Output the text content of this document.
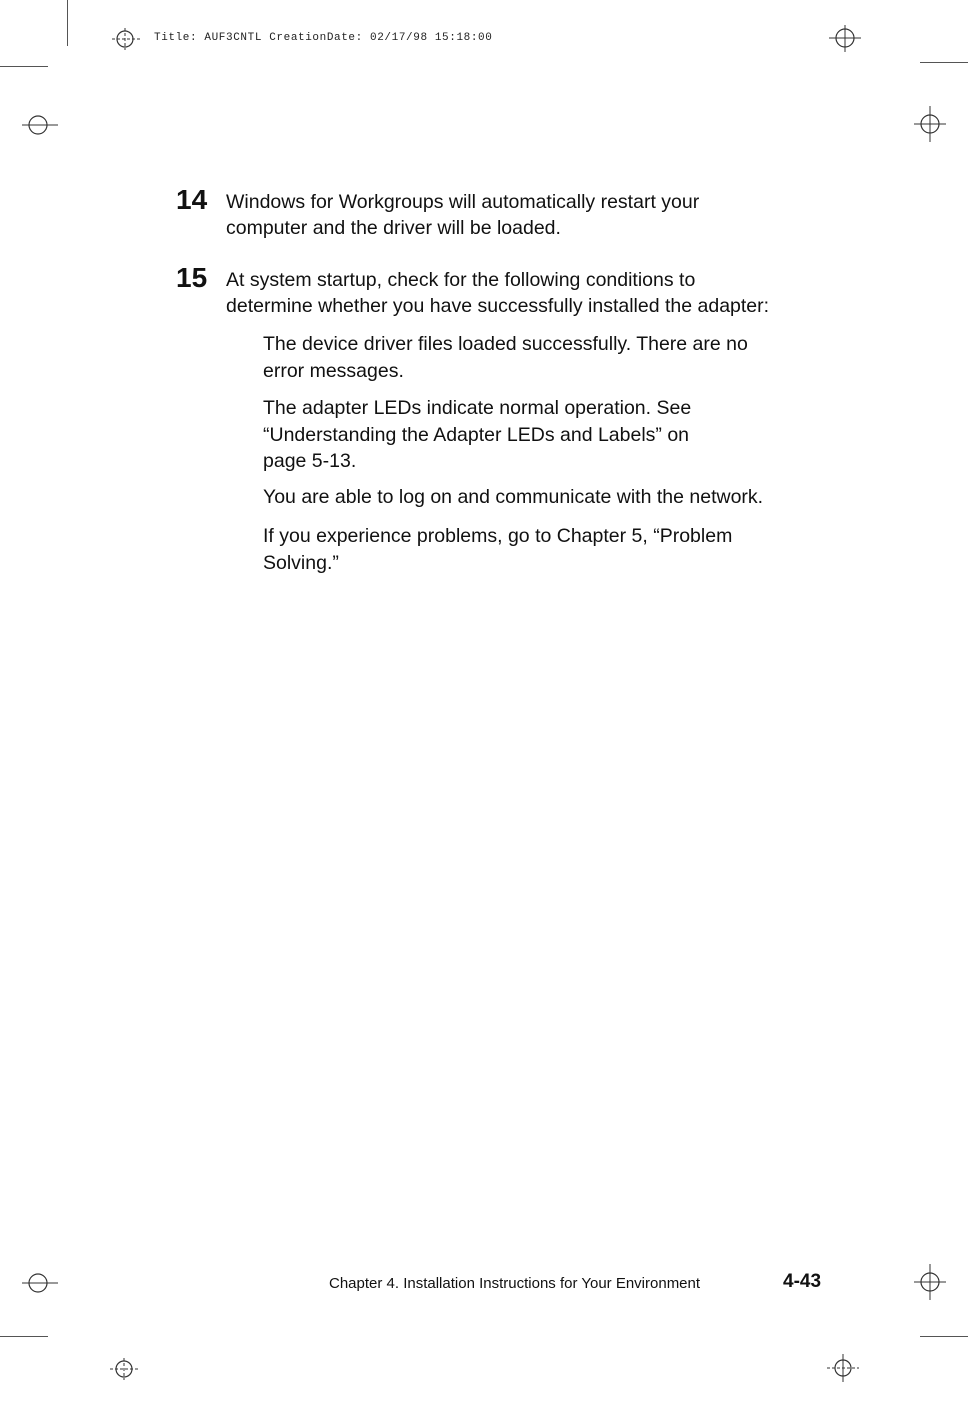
Title: AUF3CNTL CreationDate: 02/17/98 15:18:00
14 Windows for Workgroups will automatically restart your
computer and the driver will be loaded.
15 At system startup, check for the following conditions to
determine whether you have successfully installed the adapter:
The device driver files loaded successfully. There are no
error messages.
The adapter LEDs indicate normal operation. See
“Understanding the Adapter LEDs and Labels” on
page 5-13.
You are able to log on and communicate with the network.
If you experience problems, go to Chapter 5, “Problem
Solving.”
Chapter 4. Installation Instructions for Your Environment	4-43
